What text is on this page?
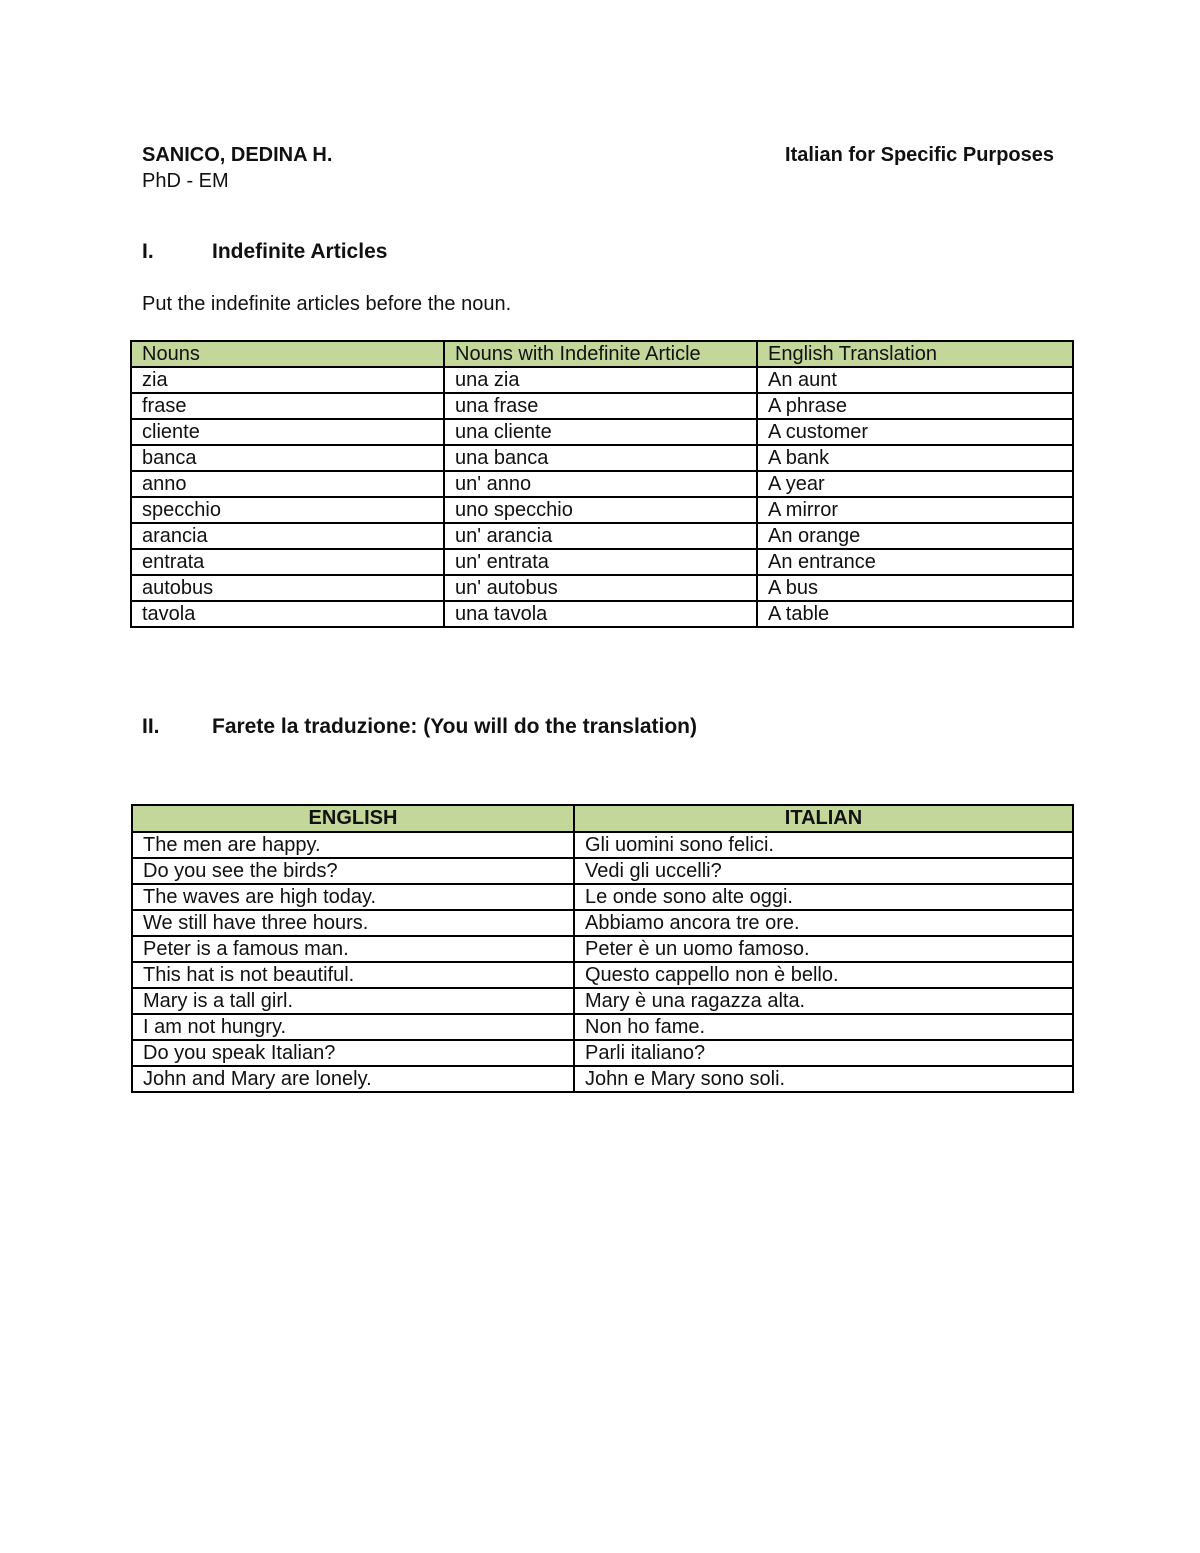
SANICO, DEDINA H.
PhD - EM
Italian for Specific Purposes
I.	Indefinite Articles
Put the indefinite articles before the noun.
Nouns	Nouns with Indefinite Article	English Translation
zia	una zia	An aunt
frase	una frase	A phrase
cliente	una cliente	A customer
banca	una banca	A bank
anno	un' anno	A year
specchio	uno specchio	A mirror
arancia	un' arancia	An orange
entrata	un' entrata	An entrance
autobus	un' autobus	A bus
tavola	una tavola	A table
II. Farete la traduzione: (You will do the translation)
ENGLISH	ITALIAN
The men are happy.	Gli uomini sono felici.
Do you see the birds?	Vedi gli uccelli?
The waves are high today.	Le onde sono alte oggi.
We still have three hours.	Abbiamo ancora tre ore.
Peter is a famous man.	Peter è un uomo famoso.
This hat is not beautiful.	Questo cappello non è bello.
Mary is a tall girl.	Mary è una ragazza alta.
I am not hungry.	Non ho fame.
Do you speak Italian?	Parli italiano?
John and Mary are lonely.	John e Mary sono soli.
